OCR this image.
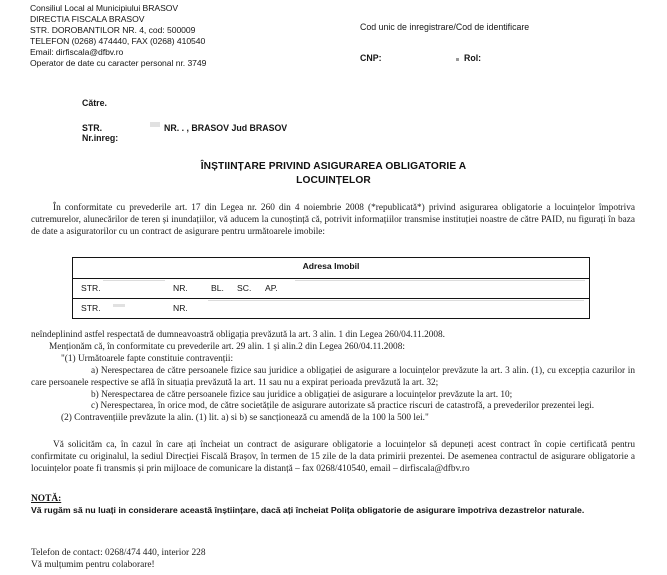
Consiliul Local al Municipiului BRASOV
DIRECTIA FISCALA BRASOV
STR. DOROBANTILOR NR. 4, cod: 500009
TELEFON (0268) 474440, FAX (0268) 410540
Email: dirfiscala@dfbv.ro
Operator de date cu caracter personal nr. 3749
Cod unic de inregistrare/Cod de identificare
CNP:	Rol:
Către.
STR.	NR. . , BRASOV Jud BRASOV
Nr.inreg:
ÎNȘTIINȚARE PRIVIND ASIGURAREA OBLIGATORIE A
LOCUINȚELOR

În conformitate cu prevederile art. 17 din Legea nr. 260 din 4 noiembrie 2008 (*republicată*) privind asigurarea obligatorie a locuințelor împotriva cutremurelor, alunecărilor de teren și inundațiilor, vă aducem la cunoștință că, potrivit informațiilor transmise instituției noastre de către PAID, nu figurați în baza de date a asiguratorilor cu un contract de asigurare pentru următoarele imobile:

Adresa Imobil
STR.	NR.	BL. SC. AP.
STR.	NR.

neîndeplinind astfel respectată de dumneavoastră obligația prevăzută la art. 3 alin. 1 din Legea 260/04.11.2008.

Menționăm că, în conformitate cu prevederile art. 29 alin. 1 și alin.2 din Legea 260/04.11.2008:

"(1) Următoarele fapte constituie contravenții:

a) Nerespectarea de către persoanele fizice sau juridice a obligației de asigurare a locuințelor prevăzute la art. 3 alin. (1), cu excepția cazurilor in care persoanele respective se află în situația prevăzută la art. 11 sau nu a expirat perioada prevăzută la art. 32;

b) Nerespectarea de către persoanele fizice sau juridice a obligației de asigurare a locuințelor prevăzute la art. 10;

c) Nerespectarea, în orice mod, de către societățile de asigurare autorizate să practice riscuri de catastrofă, a prevederilor prezentei legi.

(2) Contravențiile prevăzute la alin. (1) lit. a) si b) se sancționează cu amendă de la 100 la 500 lei."

Vă solicităm ca, în cazul în care ați încheiat un contract de asigurare obligatorie a locuințelor să depuneți acest contract în copie certificată pentru confirmitate cu originalul, la sediul Direcției Fiscală Brașov, în termen de 15 zile de la data primirii prezentei. De asemenea contractul de asigurare obligatorie a locuințelor poate fi transmis și prin mijloace de comunicare la distanță – fax 0268/410540, email – dirfiscala@dfbv.ro

NOTĂ:
Vă rugăm să nu luați in considerare această înștiințare, dacă ați încheiat Polița obligatorie de asigurare împotriva dezastrelor naturale.
Telefon de contact: 0268/474 440, interior 228
Vă mulțumim pentru colaborare!
